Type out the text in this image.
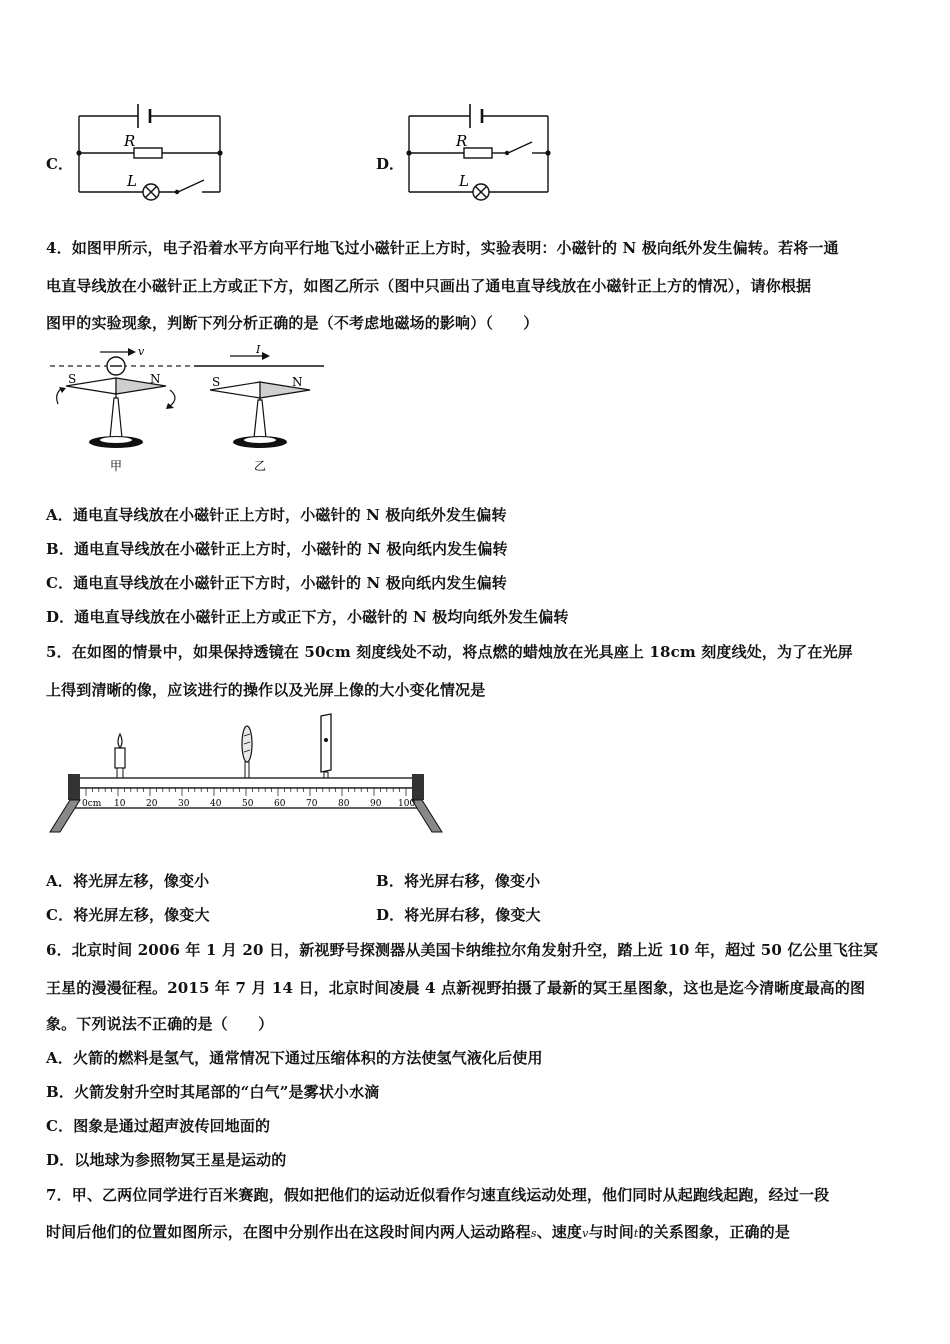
C．
R
L
D．
R
L
4．如图甲所示，电子沿着水平方向平行地飞过小磁针正上方时，实验表明：小磁针的 N 极向纸外发生偏转。若将一通
电直导线放在小磁针正上方或正下方，如图乙所示（图中只画出了通电直导线放在小磁针正上方的情况），请你根据
图甲的实验现象，判断下列分析正确的是（不考虑地磁场的影响）（　　）
v
S	N
甲
I
S	N
乙
A．通电直导线放在小磁针正上方时，小磁针的 N 极向纸外发生偏转
B．通电直导线放在小磁针正上方时，小磁针的 N 极向纸内发生偏转
C．通电直导线放在小磁针正下方时，小磁针的 N 极向纸内发生偏转
D．通电直导线放在小磁针正上方或正下方，小磁针的 N 极均向纸外发生偏转
5．在如图的情景中，如果保持透镜在 50cm 刻度线处不动，将点燃的蜡烛放在光具座上 18cm 刻度线处，为了在光屏
上得到清晰的像，应该进行的操作以及光屏上像的大小变化情况是
0cm 10 20 30 40 50 60 70 80 90 100
A．将光屏左移，像变小	B．将光屏右移，像变小
C．将光屏左移，像变大	D．将光屏右移，像变大
6．北京时间 2006 年 1 月 20 日，新视野号探测器从美国卡纳维拉尔角发射升空，踏上近 10 年，超过 50 亿公里飞往冥
王星的漫漫征程。2015 年 7 月 14 日，北京时间凌晨 4 点新视野拍摄了最新的冥王星图象，这也是迄今清晰度最高的图
象。下列说法不正确的是（　　）
A．火箭的燃料是氢气，通常情况下通过压缩体积的方法使氢气液化后使用
B．火箭发射升空时其尾部的“白气”是雾状小水滴
C．图象是通过超声波传回地面的
D．以地球为参照物冥王星是运动的
7．甲、乙两位同学进行百米赛跑，假如把他们的运动近似看作匀速直线运动处理，他们同时从起跑线起跑，经过一段
时间后他们的位置如图所示，在图中分别作出在这段时间内两人运动路程s、速度v与时间t的关系图象，正确的是
